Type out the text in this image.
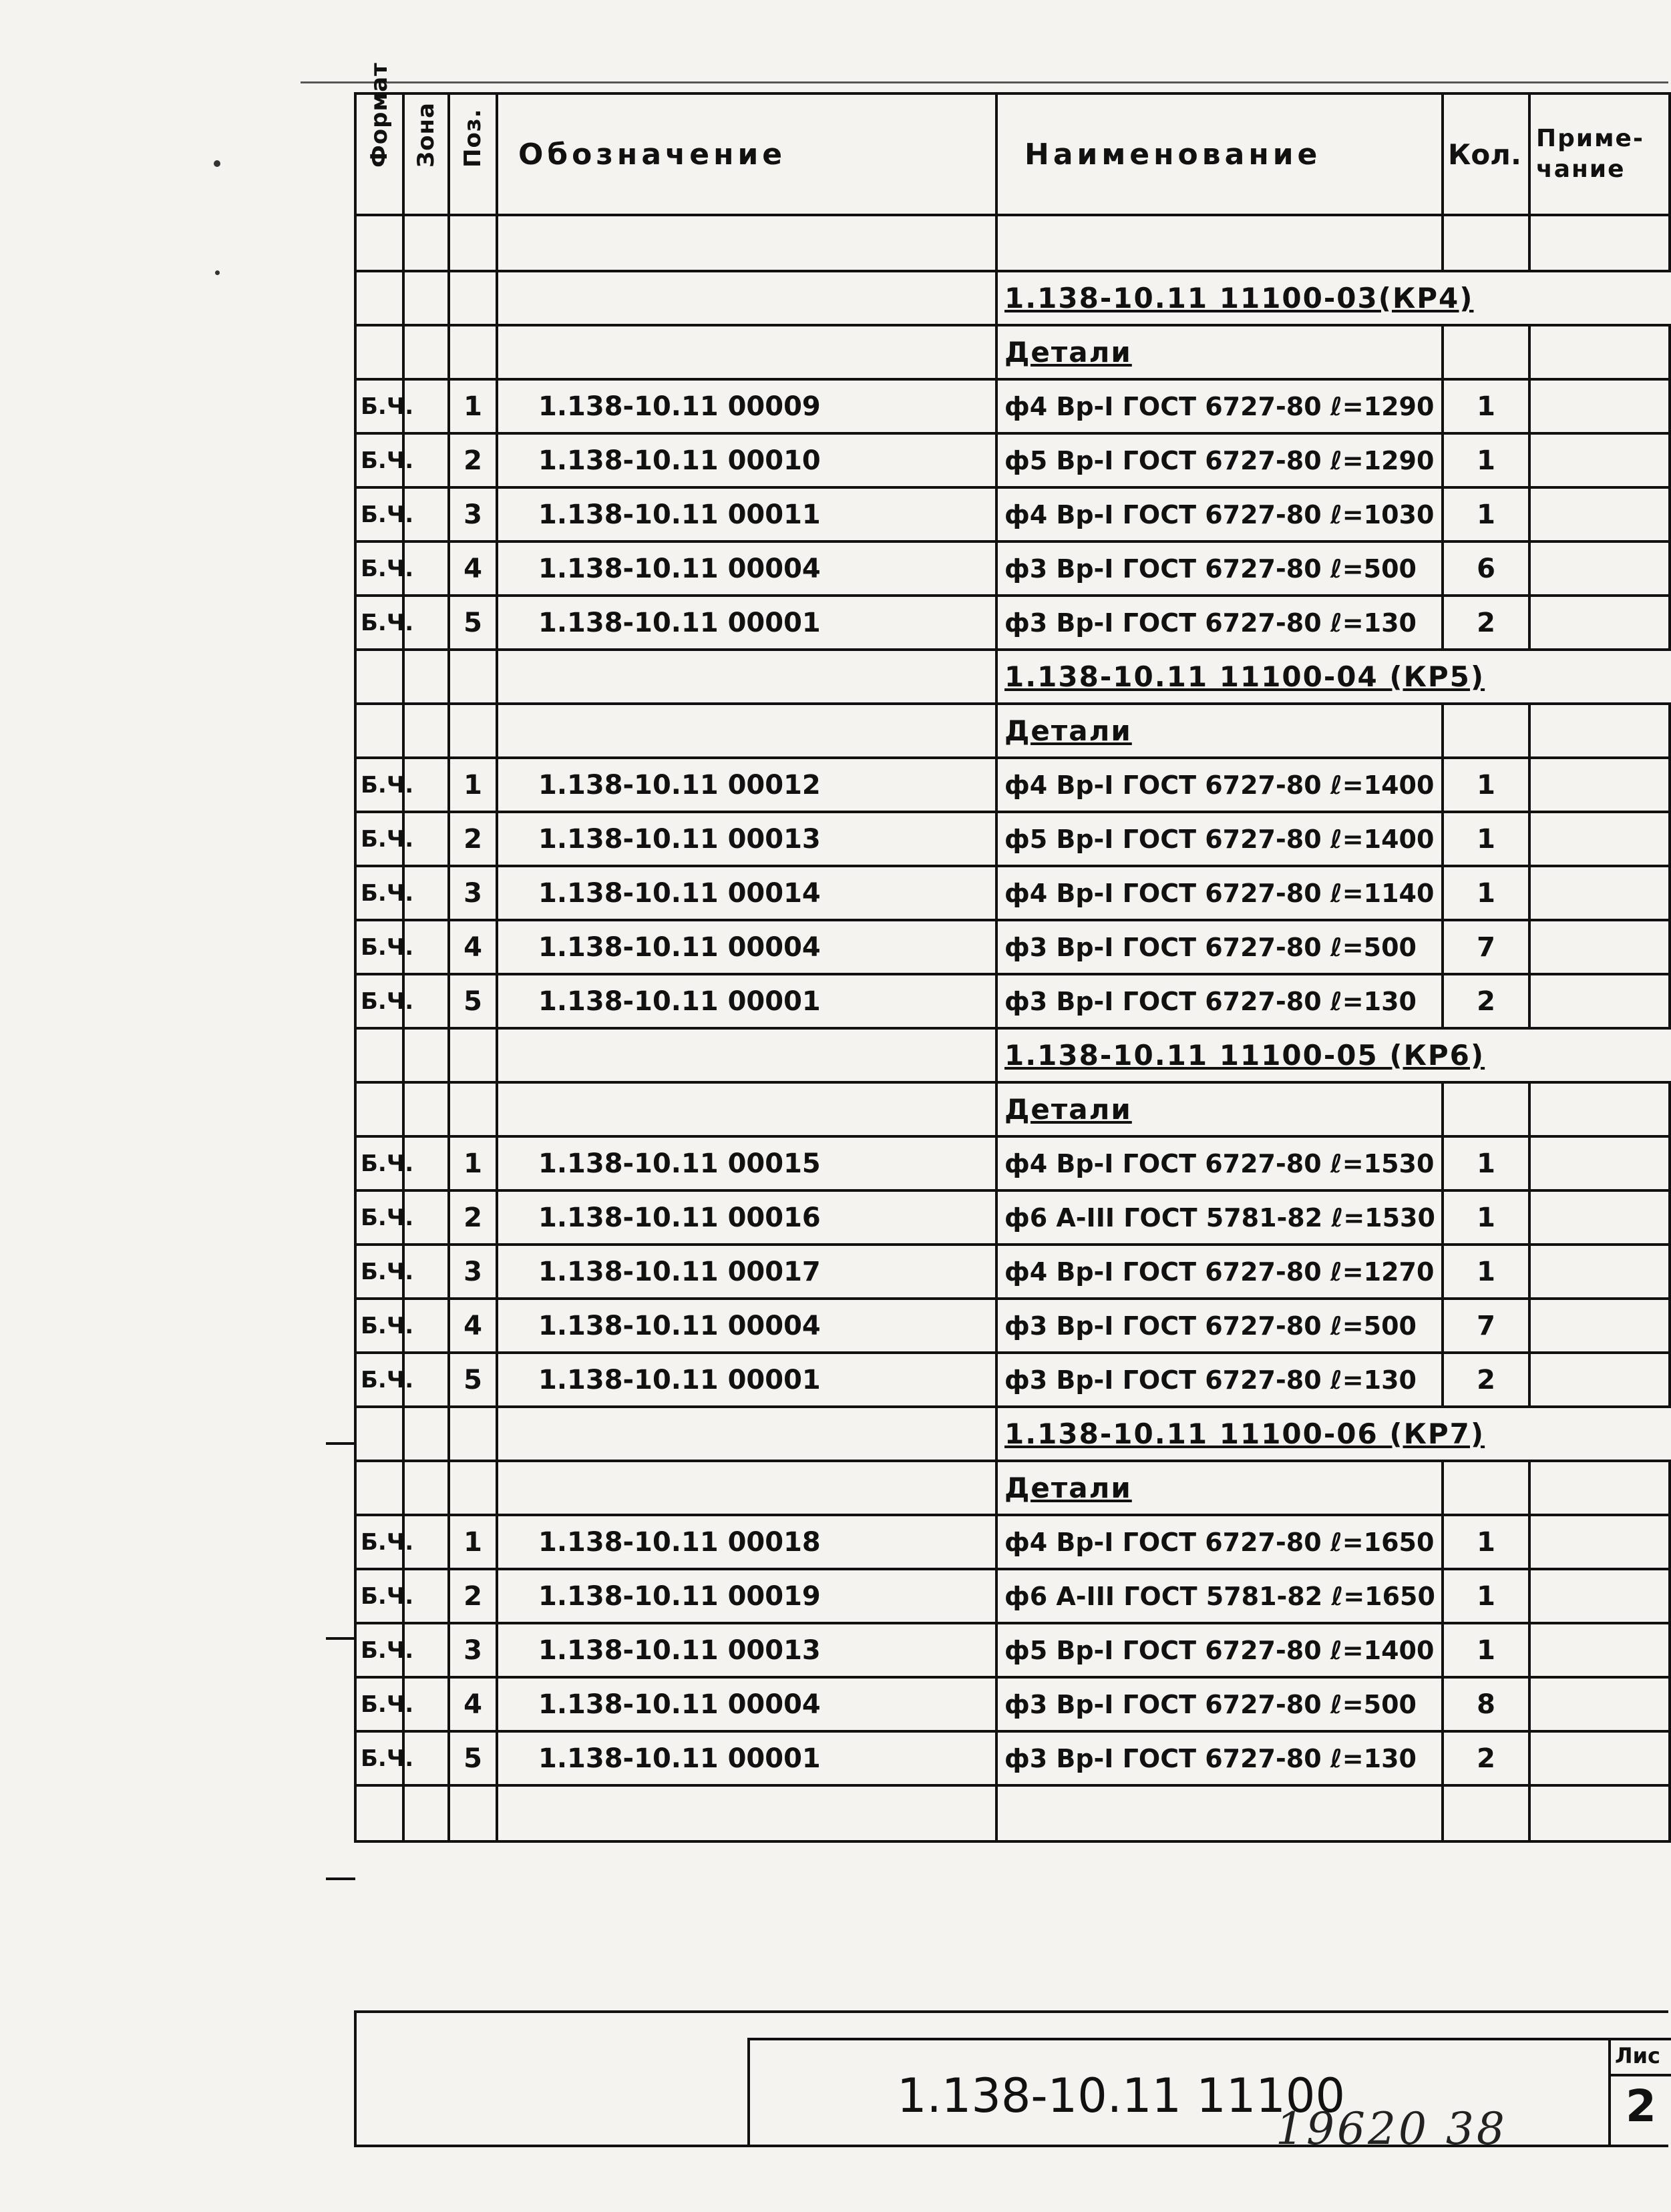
Формат	Зона	Поз.	Обозначение	Наименование	Кол.	Приме-чание

				1.138-10.11 11100-03(КР4)		
				Детали		
Б.Ч.		1	1.138-10.11 00009	ф4 Вр-I ГОСТ 6727-80 ℓ=1290	1	
Б.Ч.		2	1.138-10.11 00010	ф5 Вр-I ГОСТ 6727-80 ℓ=1290	1	
Б.Ч.		3	1.138-10.11 00011	ф4 Вр-I ГОСТ 6727-80 ℓ=1030	1	
Б.Ч.		4	1.138-10.11 00004	ф3 Вр-I ГОСТ 6727-80 ℓ=500	6	
Б.Ч.		5	1.138-10.11 00001	ф3 Вр-I ГОСТ 6727-80 ℓ=130	2	
				1.138-10.11 11100-04 (КР5)		
				Детали		
Б.Ч.		1	1.138-10.11 00012	ф4 Вр-I ГОСТ 6727-80 ℓ=1400	1	
Б.Ч.		2	1.138-10.11 00013	ф5 Вр-I ГОСТ 6727-80 ℓ=1400	1	
Б.Ч.		3	1.138-10.11 00014	ф4 Вр-I ГОСТ 6727-80 ℓ=1140	1	
Б.Ч.		4	1.138-10.11 00004	ф3 Вр-I ГОСТ 6727-80 ℓ=500	7	
Б.Ч.		5	1.138-10.11 00001	ф3 Вр-I ГОСТ 6727-80 ℓ=130	2	
				1.138-10.11 11100-05 (КР6)		
				Детали		
Б.Ч.		1	1.138-10.11 00015	ф4 Вр-I ГОСТ 6727-80 ℓ=1530	1	
Б.Ч.		2	1.138-10.11 00016	ф6 А-III ГОСТ 5781-82 ℓ=1530	1	
Б.Ч.		3	1.138-10.11 00017	ф4 Вр-I ГОСТ 6727-80 ℓ=1270	1	
Б.Ч.		4	1.138-10.11 00004	ф3 Вр-I ГОСТ 6727-80 ℓ=500	7	
Б.Ч.		5	1.138-10.11 00001	ф3 Вр-I ГОСТ 6727-80 ℓ=130	2	
				1.138-10.11 11100-06 (КР7)		
				Детали		
Б.Ч.		1	1.138-10.11 00018	ф4 Вр-I ГОСТ 6727-80 ℓ=1650	1	
Б.Ч.		2	1.138-10.11 00019	ф6 А-III ГОСТ 5781-82 ℓ=1650	1	
Б.Ч.		3	1.138-10.11 00013	ф5 Вр-I ГОСТ 6727-80 ℓ=1400	1	
Б.Ч.		4	1.138-10.11 00004	ф3 Вр-I ГОСТ 6727-80 ℓ=500	8	
Б.Ч.		5	1.138-10.11 00001	ф3 Вр-I ГОСТ 6727-80 ℓ=130	2	

1.138-10.11 11100
Лис
2
19620 38
